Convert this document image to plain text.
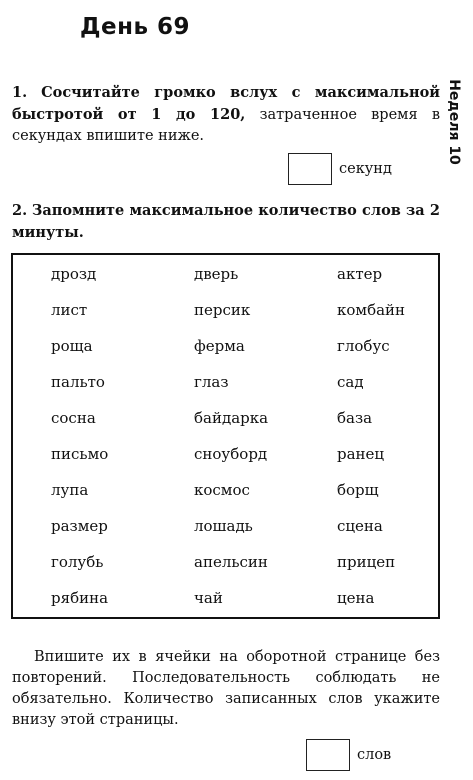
День 69
Неделя 10
1. Сосчитайте громко вслух с максимальной быстротой от 1 до 120, затраченное время в секундах впишите ниже.
секунд
2. Запомните максимальное количество слов за 2 минуты.
дрозд	дверь	актер
лист	персик	комбайн
роща	ферма	глобус
пальто	глаз	сад
сосна	байдарка	база
письмо	сноуборд	ранец
лупа	космос	борщ
размер	лошадь	сцена
голубь	апельсин	прицеп
рябина	чай	цена
Впишите их в ячейки на оборотной странице без повторений. Последовательность соблюдать не обязательно. Количество записанных слов укажите внизу этой страницы.
слов
